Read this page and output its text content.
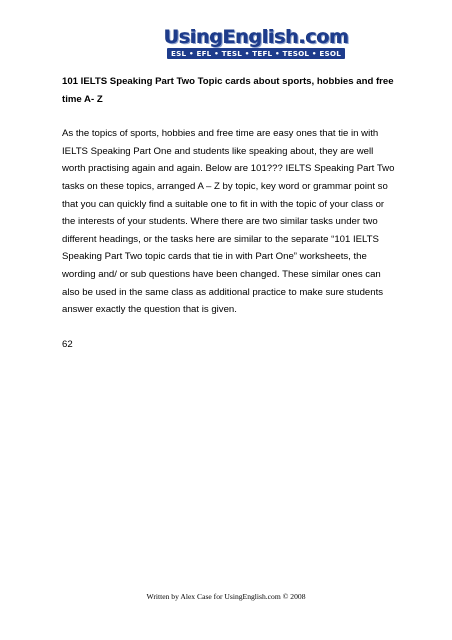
UsingEnglish.com
ESL • EFL • TESL • TEFL • TESOL • ESOL

101 IELTS Speaking Part Two Topic cards about sports, hobbies and free time A- Z

As the topics of sports, hobbies and free time are easy ones that tie in with IELTS Speaking Part One and students like speaking about, they are well worth practising again and again. Below are 101??? IELTS Speaking Part Two tasks on these topics, arranged A – Z by topic, key word or grammar point so that you can quickly find a suitable one to fit in with the topic of your class or the interests of your students. Where there are two similar tasks under two different headings, or the tasks here are similar to the separate “101 IELTS Speaking Part Two topic cards that tie in with Part One” worksheets, the wording and/ or sub questions have been changed. These similar ones can also be used in the same class as additional practice to make sure students answer exactly the question that is given.

62

Written by Alex Case for UsingEnglish.com © 2008
